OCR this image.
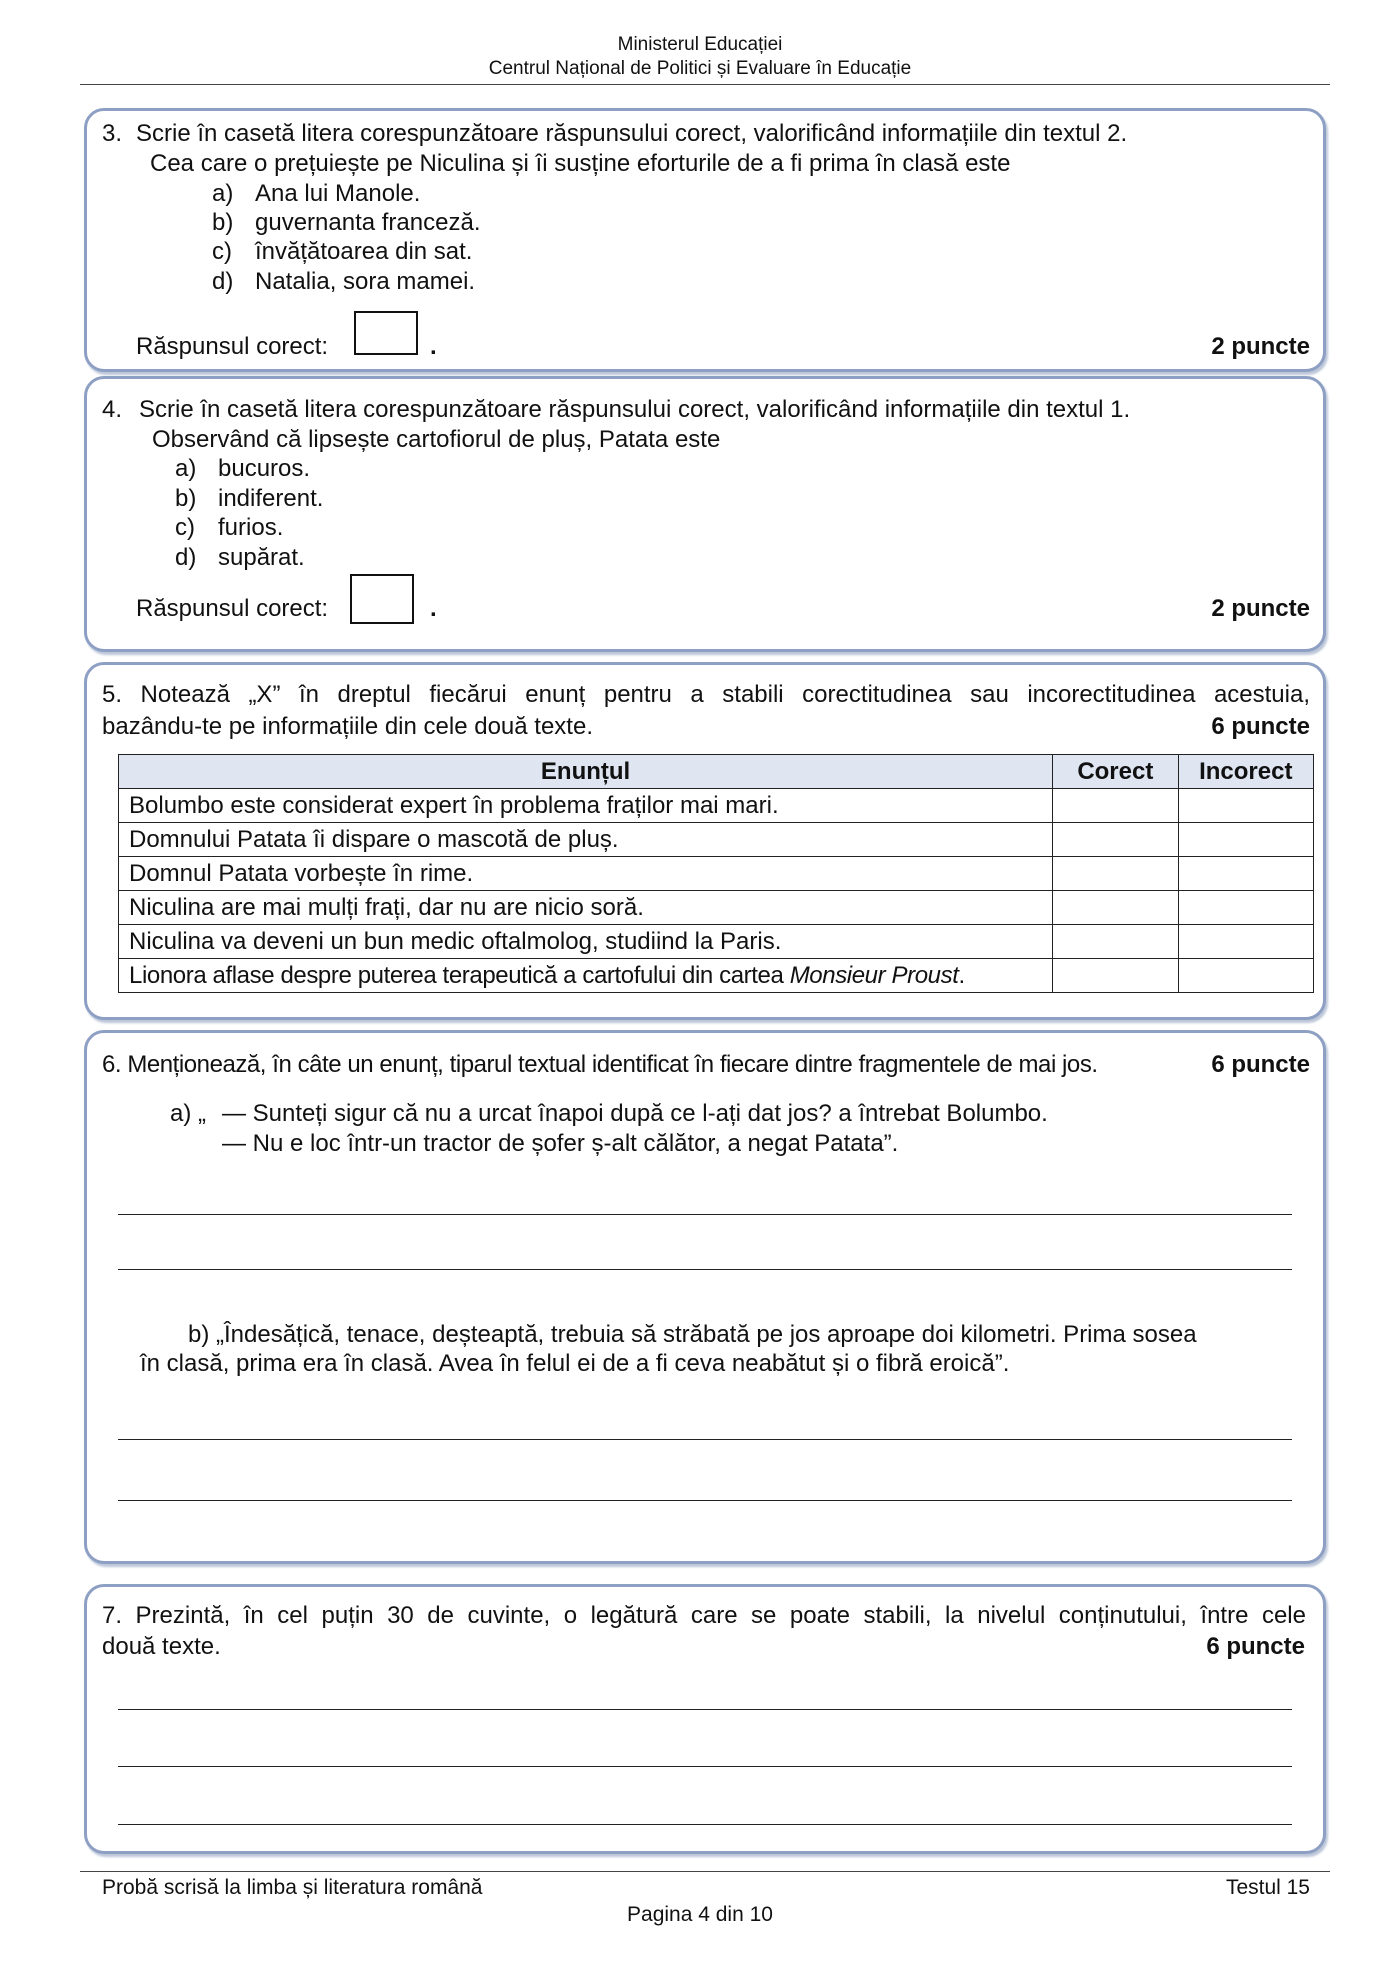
Ministerul Educației
Centrul Național de Politici și Evaluare în Educație
3. Scrie în casetă litera corespunzătoare răspunsului corect, valorificând informațiile din textul 2.
Cea care o prețuiește pe Niculina și îi susține eforturile de a fi prima în clasă este
a) Ana lui Manole.
b) guvernanta franceză.
c) învățătoarea din sat.
d) Natalia, sora mamei.
Răspunsul corect:	.	2 puncte
4. Scrie în casetă litera corespunzătoare răspunsului corect, valorificând informațiile din textul 1.
Observând că lipsește cartofiorul de pluș, Patata este
a) bucuros.
b) indiferent.
c) furios.
d) supărat.
Răspunsul corect:	.	2 puncte
5. Notează „X” în dreptul fiecărui enunț pentru a stabili corectitudinea sau incorectitudinea acestuia,
bazându-te pe informațiile din cele două texte.	6 puncte
Enunțul	Corect	Incorect
Bolumbo este considerat expert în problema fraților mai mari.		
Domnului Patata îi dispare o mascotă de pluș.		
Domnul Patata vorbește în rime.		
Niculina are mai mulți frați, dar nu are nicio soră.		
Niculina va deveni un bun medic oftalmolog, studiind la Paris.		
Lionora aflase despre puterea terapeutică a cartofului din cartea Monsieur Proust.		
6. Menționează, în câte un enunț, tiparul textual identificat în fiecare dintre fragmentele de mai jos.	6 puncte
a) „ — Sunteți sigur că nu a urcat înapoi după ce l-ați dat jos? a întrebat Bolumbo.
— Nu e loc într-un tractor de șofer ș-alt călător, a negat Patata”.
b) „Îndesățică, tenace, deșteaptă, trebuia să străbată pe jos aproape doi kilometri. Prima sosea
în clasă, prima era în clasă. Avea în felul ei de a fi ceva neabătut și o fibră eroică”.
7. Prezintă, în cel puțin 30 de cuvinte, o legătură care se poate stabili, la nivelul conținutului, între cele
două texte.	6 puncte
Probă scrisă la limba și literatura română	Testul 15
Pagina 4 din 10
